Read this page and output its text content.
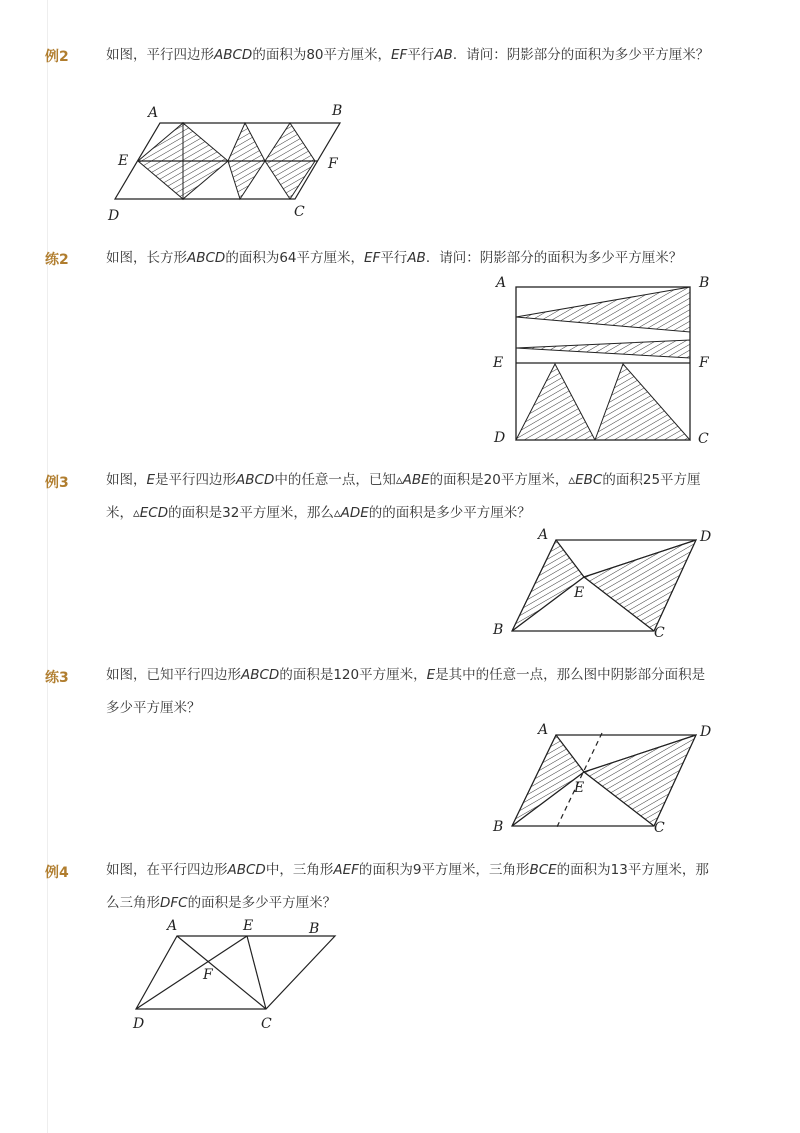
例2	如图，平行四边形ABCD的面积为80平方厘米，EF平行AB．请问：阴影部分的面积为多少平方厘米？
A	B
E	F
D	C
练2	如图，长方形ABCD的面积为64平方厘米，EF平行AB．请问：阴影部分的面积为多少平方厘米？
A	B
E	F
D	C
例3	如图，E是平行四边形ABCD中的任意一点，已知▵ABE的面积是20平方厘米，▵EBC的面积25平方厘米，▵ECD的面积是32平方厘米，那么▵ADE的的面积是多少平方厘米？
A	D
E
B	C
练3	如图，已知平行四边形ABCD的面积是120平方厘米，E是其中的任意一点，那么图中阴影部分面积是多少平方厘米？
A	D
E
B	C
例4	如图，在平行四边形ABCD中，三角形AEF的面积为9平方厘米，三角形BCE的面积为13平方厘米，那么三角形DFC的面积是多少平方厘米？
A	E	B
F
D	C
